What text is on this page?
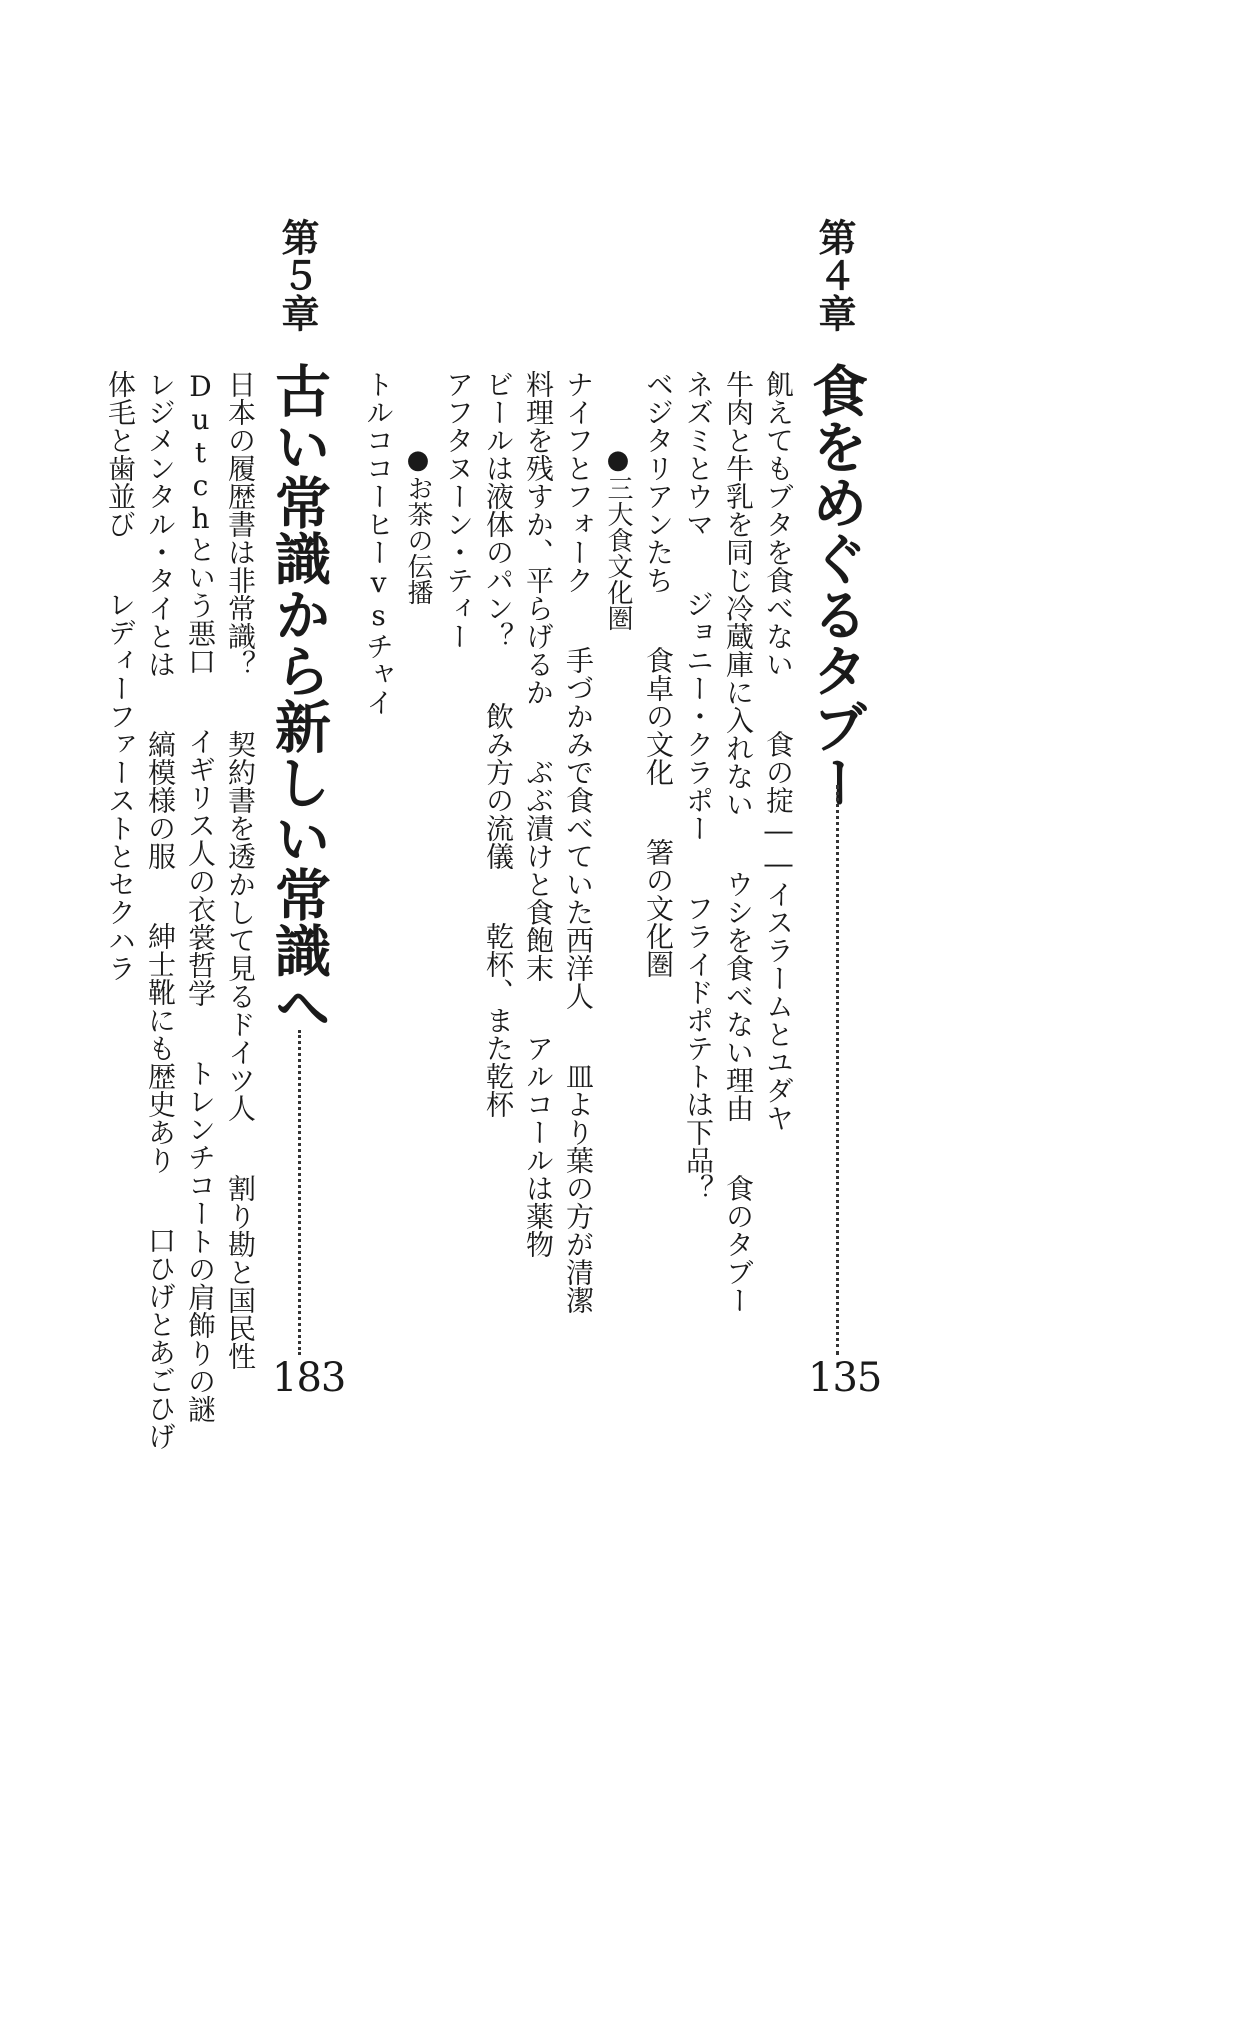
第４章
食をめぐるタブー
135

飢えてもブタを食べない食の掟――イスラームとユダヤ

牛肉と牛乳を同じ冷蔵庫に入れないウシを食べない理由食のタブー

ネズミとウマジョニー・クラポーフライドポテトは下品？

ベジタリアンたち食卓の文化箸の文化圏

●三大食文化圏

ナイフとフォーク手づかみで食べていた西洋人皿より葉の方が清潔

料理を残すか、平らげるかぶぶ漬けと食飽末アルコールは薬物

ビールは液体のパン？飲み方の流儀乾杯、また乾杯

アフタヌーン・ティー

●お茶の伝播

トルココーヒーvsチャイ

第５章
古い常識から新しい常識へ
183

日本の履歴書は非常識？契約書を透かして見るドイツ人割り勘と国民性

Dutchという悪口イギリス人の衣裳哲学トレンチコートの肩飾りの謎

レジメンタル・タイとは縞模様の服紳士靴にも歴史あり口ひげとあごひげ

体毛と歯並びレディーファーストとセクハラ
